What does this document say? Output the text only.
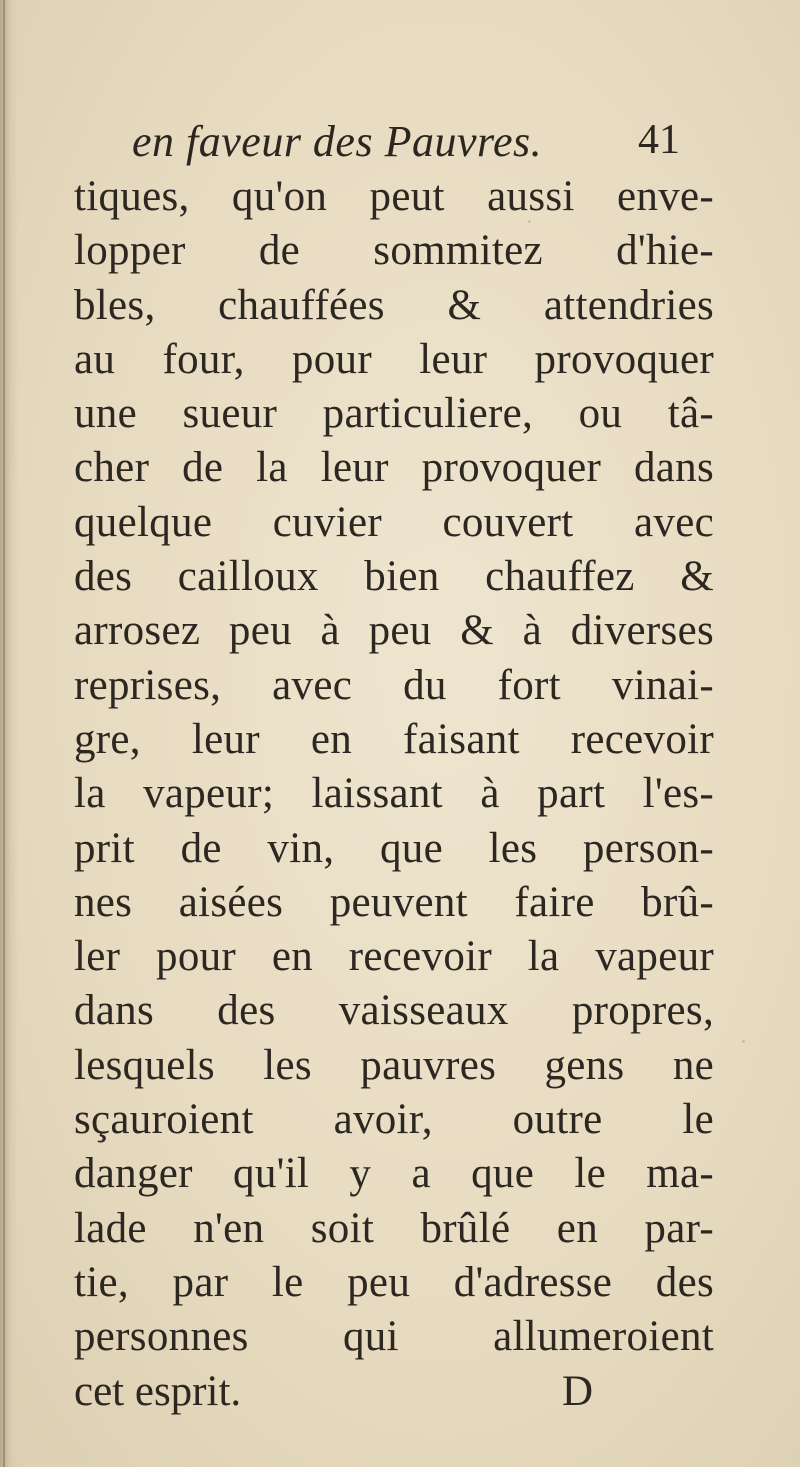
en faveur des Pauvres. 41
tiques, qu'on peut aussi enve-
lopper de sommitez d'hie-
bles, chauffées & attendries
au four, pour leur provoquer
une sueur particuliere, ou tâ-
cher de la leur provoquer dans
quelque cuvier couvert avec
des cailloux bien chauffez &
arrosez peu à peu & à diverses
reprises, avec du fort vinai-
gre, leur en faisant recevoir
la vapeur; laissant à part l'es-
prit de vin, que les person-
nes aisées peuvent faire brû-
ler pour en recevoir la vapeur
dans des vaisseaux propres,
lesquels les pauvres gens ne
sçauroient avoir, outre le
danger qu'il y a que le ma-
lade n'en soit brûlé en par-
tie, par le peu d'adresse des
personnes qui allumeroient
cet esprit.	D
